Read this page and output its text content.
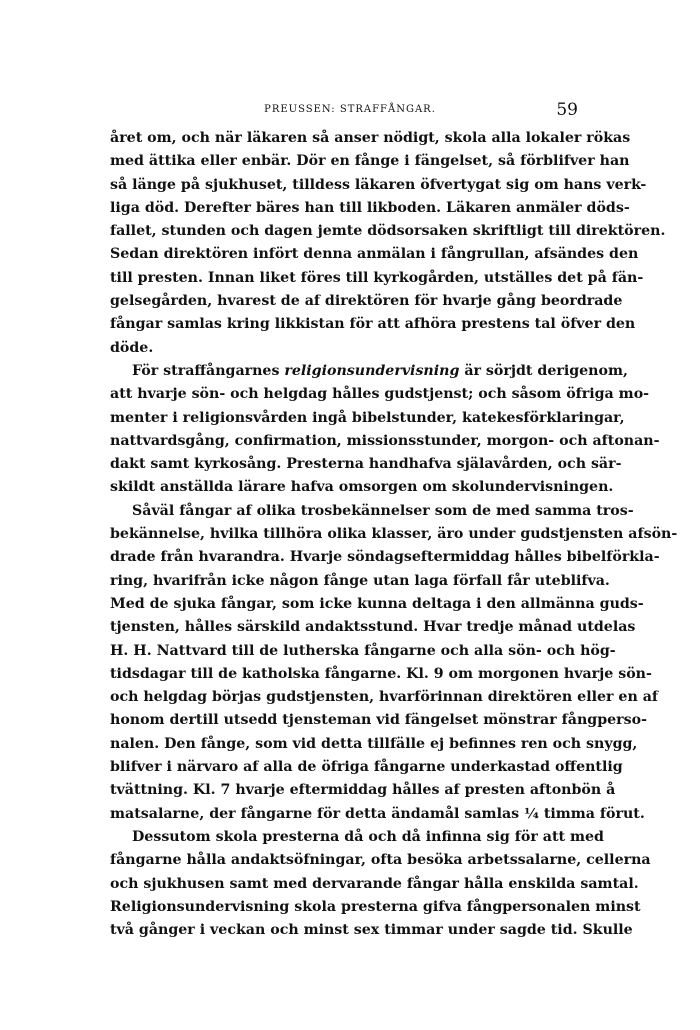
PREUSSEN: STRAFFÅNGAR.	59
året om, och när läkaren så anser nödigt, skola alla lokaler rökas
med ättika eller enbär. Dör en fånge i fängelset, så förblifver han
så länge på sjukhuset, tilldess läkaren öfvertygat sig om hans verk-
liga död. Derefter bäres han till likboden. Läkaren anmäler döds-
fallet, stunden och dagen jemte dödsorsaken skriftligt till direktören.
Sedan direktören infört denna anmälan i fångrullan, afsändes den
till presten. Innan liket föres till kyrkogården, utställes det på fän-
gelsegården, hvarest de af direktören för hvarje gång beordrade
fångar samlas kring likkistan för att afhöra prestens tal öfver den
döde.
För straffångarnes religionsundervisning är sörjdt derigenom,
att hvarje sön- och helgdag hålles gudstjenst; och såsom öfriga mo-
menter i religionsvården ingå bibelstunder, katekesförklaringar,
nattvardsgång, confirmation, missionsstunder, morgon- och aftonan-
dakt samt kyrkosång. Presterna handhafva själavården, och sär-
skildt anställda lärare hafva omsorgen om skolundervisningen.
Såväl fångar af olika trosbekännelser som de med samma tros-
bekännelse, hvilka tillhöra olika klasser, äro under gudstjensten afsön-
drade från hvarandra. Hvarje söndagseftermiddag hålles bibelförkla-
ring, hvarifrån icke någon fånge utan laga förfall får uteblifva.
Med de sjuka fångar, som icke kunna deltaga i den allmänna guds-
tjensten, hålles särskild andaktsstund. Hvar tredje månad utdelas
H. H. Nattvard till de lutherska fångarne och alla sön- och hög-
tidsdagar till de katholska fångarne. Kl. 9 om morgonen hvarje sön-
och helgdag börjas gudstjensten, hvarförinnan direktören eller en af
honom dertill utsedd tjensteman vid fängelset mönstrar fångperso-
nalen. Den fånge, som vid detta tillfälle ej befinnes ren och snygg,
blifver i närvaro af alla de öfriga fångarne underkastad offentlig
tvättning. Kl. 7 hvarje eftermiddag hålles af presten aftonbön å
matsalarne, der fångarne för detta ändamål samlas ¼ timma förut.
Dessutom skola presterna då och då infinna sig för att med
fångarne hålla andaktsöfningar, ofta besöka arbetssalarne, cellerna
och sjukhusen samt med dervarande fångar hålla enskilda samtal.
Religionsundervisning skola presterna gifva fångpersonalen minst
två gånger i veckan och minst sex timmar under sagde tid. Skulle
